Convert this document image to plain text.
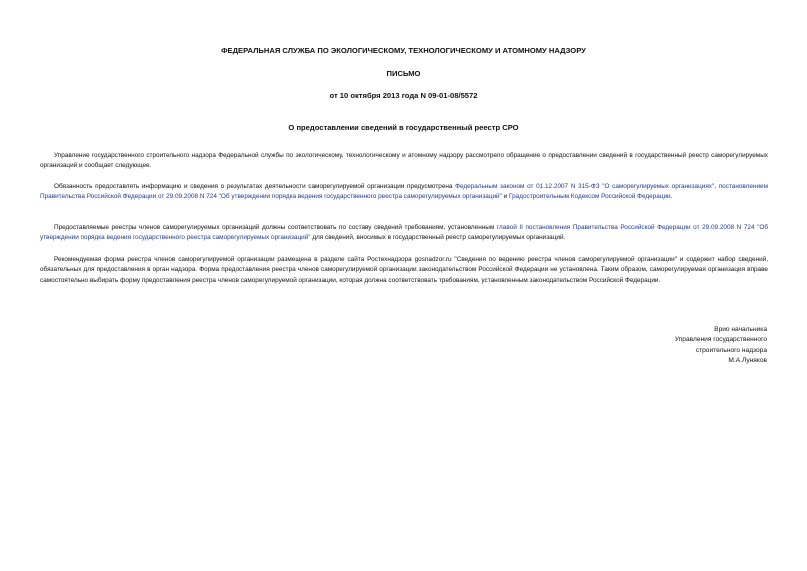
ФЕДЕРАЛЬНАЯ СЛУЖБА ПО ЭКОЛОГИЧЕСКОМУ, ТЕХНОЛОГИЧЕСКОМУ И АТОМНОМУ НАДЗОРУ
ПИСЬМО
от 10 октября 2013 года N 09-01-08/5572
О предоставлении сведений в государственный реестр СРО

Управление государственного строительного надзора Федеральной службы по экологическому, технологическому и атомному надзору рассмотрело обращение о предоставлении сведений в государственный реестр саморегулируемых организаций и сообщает следующее.

Обязанность предоставлять информацию и сведения о результатах деятельности саморегулируемой организации предусмотрена Федеральным законом от 01.12.2007 N 315-ФЗ "О саморегулируемых организациях", постановлением Правительства Российской Федерации от 29.09.2008 N 724 "Об утверждении порядка ведения государственного реестра саморегулируемых организаций" и Градостроительным Кодексом Российской Федерации.

Предоставляемые реестры членов саморегулируемых организаций должны соответствовать по составу сведений требованиям, установленным главой II постановления Правительства Российской Федерации от 29.09.2008 N 724 "Об утверждении порядка ведения государственного реестра саморегулируемых организаций" для сведений, вносимых в государственный реестр саморегулируемых организаций.

Рекомендуемая форма реестра членов саморегулируемой организации размещена в разделе сайта Ростехнадзора gosnadzor.ru "Сведения по ведению реестра членов саморегулируемой организации" и содержит набор сведений, обязательных для предоставления в орган надзора. Форма предоставления реестра членов саморегулируемой организации законодательством Российской Федерации не установлена. Таким образом, саморегулируемая организация вправе самостоятельно выбирать форму предоставления реестра членов саморегулируемой организации, которая должна соответствовать требованиям, установленным законодательством Российской Федерации.

Врио начальника
Управления государственного
строительного надзора
М.А.Луняков
